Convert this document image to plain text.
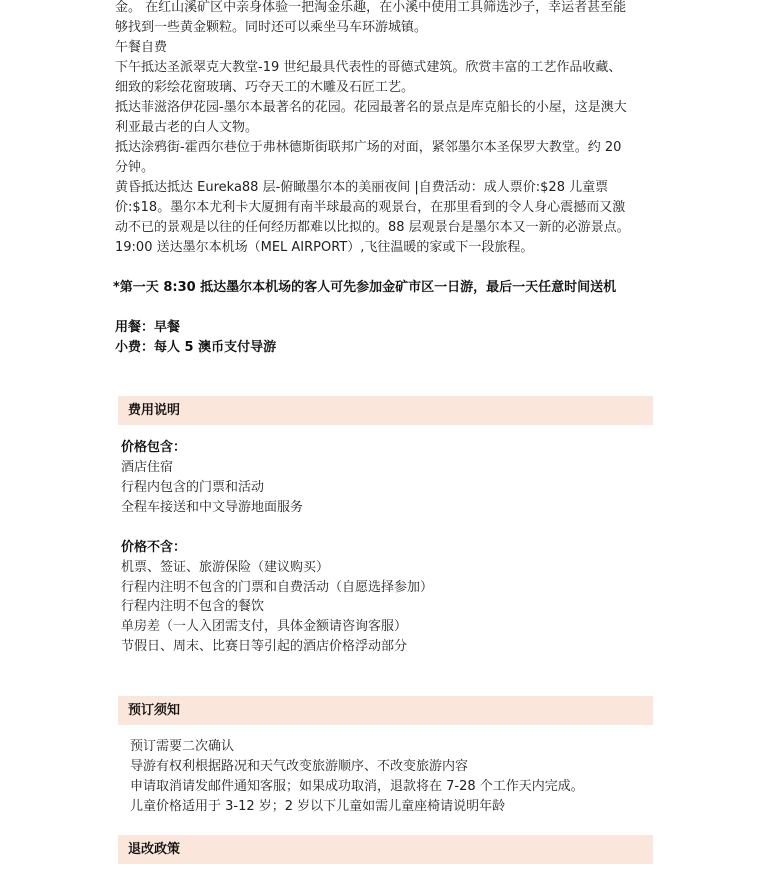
金。 在红山溪矿区中亲身体验一把淘金乐趣，在小溪中使用工具筛选沙子，幸运者甚至能
够找到一些黄金颗粒。同时还可以乘坐马车环游城镇。
午餐自费
下午抵达圣派翠克大教堂-19 世纪最具代表性的哥德式建筑。欣赏丰富的工艺作品收藏、
细致的彩绘花窗玻璃、巧夺天工的木雕及石匠工艺。
抵达菲滋洛伊花园-墨尔本最著名的花园。花园最著名的景点是库克船长的小屋，这是澳大
利亚最古老的白人文物。
抵达涂鸦街-霍西尔巷位于弗林德斯街联邦广场的对面，紧邻墨尔本圣保罗大教堂。约 20
分钟。
黄昏抵达抵达 Eureka88 层-俯瞰墨尔本的美丽夜间 |自费活动：成人票价:$28 儿童票
价:$18。墨尔本尤利卡大厦拥有南半球最高的观景台，在那里看到的令人身心震撼而又激
动不已的景观是以往的任何经历都难以比拟的。88 层观景台是墨尔本又一新的必游景点。
19:00 送达墨尔本机场（MEL AIRPORT）,飞往温暖的家或下一段旅程。
*第一天 8:30 抵达墨尔本机场的客人可先参加金矿市区一日游，最后一天任意时间送机
用餐：早餐
小费：每人 5 澳币支付导游
费用说明
价格包含：
酒店住宿
行程内包含的门票和活动
全程车接送和中文导游地面服务
价格不含：
机票、签证、旅游保险（建议购买）
行程内注明不包含的门票和自费活动（自愿选择参加）
行程内注明不包含的餐饮
单房差（一人入团需支付，具体金额请咨询客服）
节假日、周末、比赛日等引起的酒店价格浮动部分
预订须知
预订需要二次确认
导游有权利根据路况和天气改变旅游顺序、不改变旅游内容
申请取消请发邮件通知客服；如果成功取消，退款将在 7-28 个工作天内完成。
儿童价格适用于 3-12 岁；2 岁以下儿童如需儿童座椅请说明年龄
退改政策
